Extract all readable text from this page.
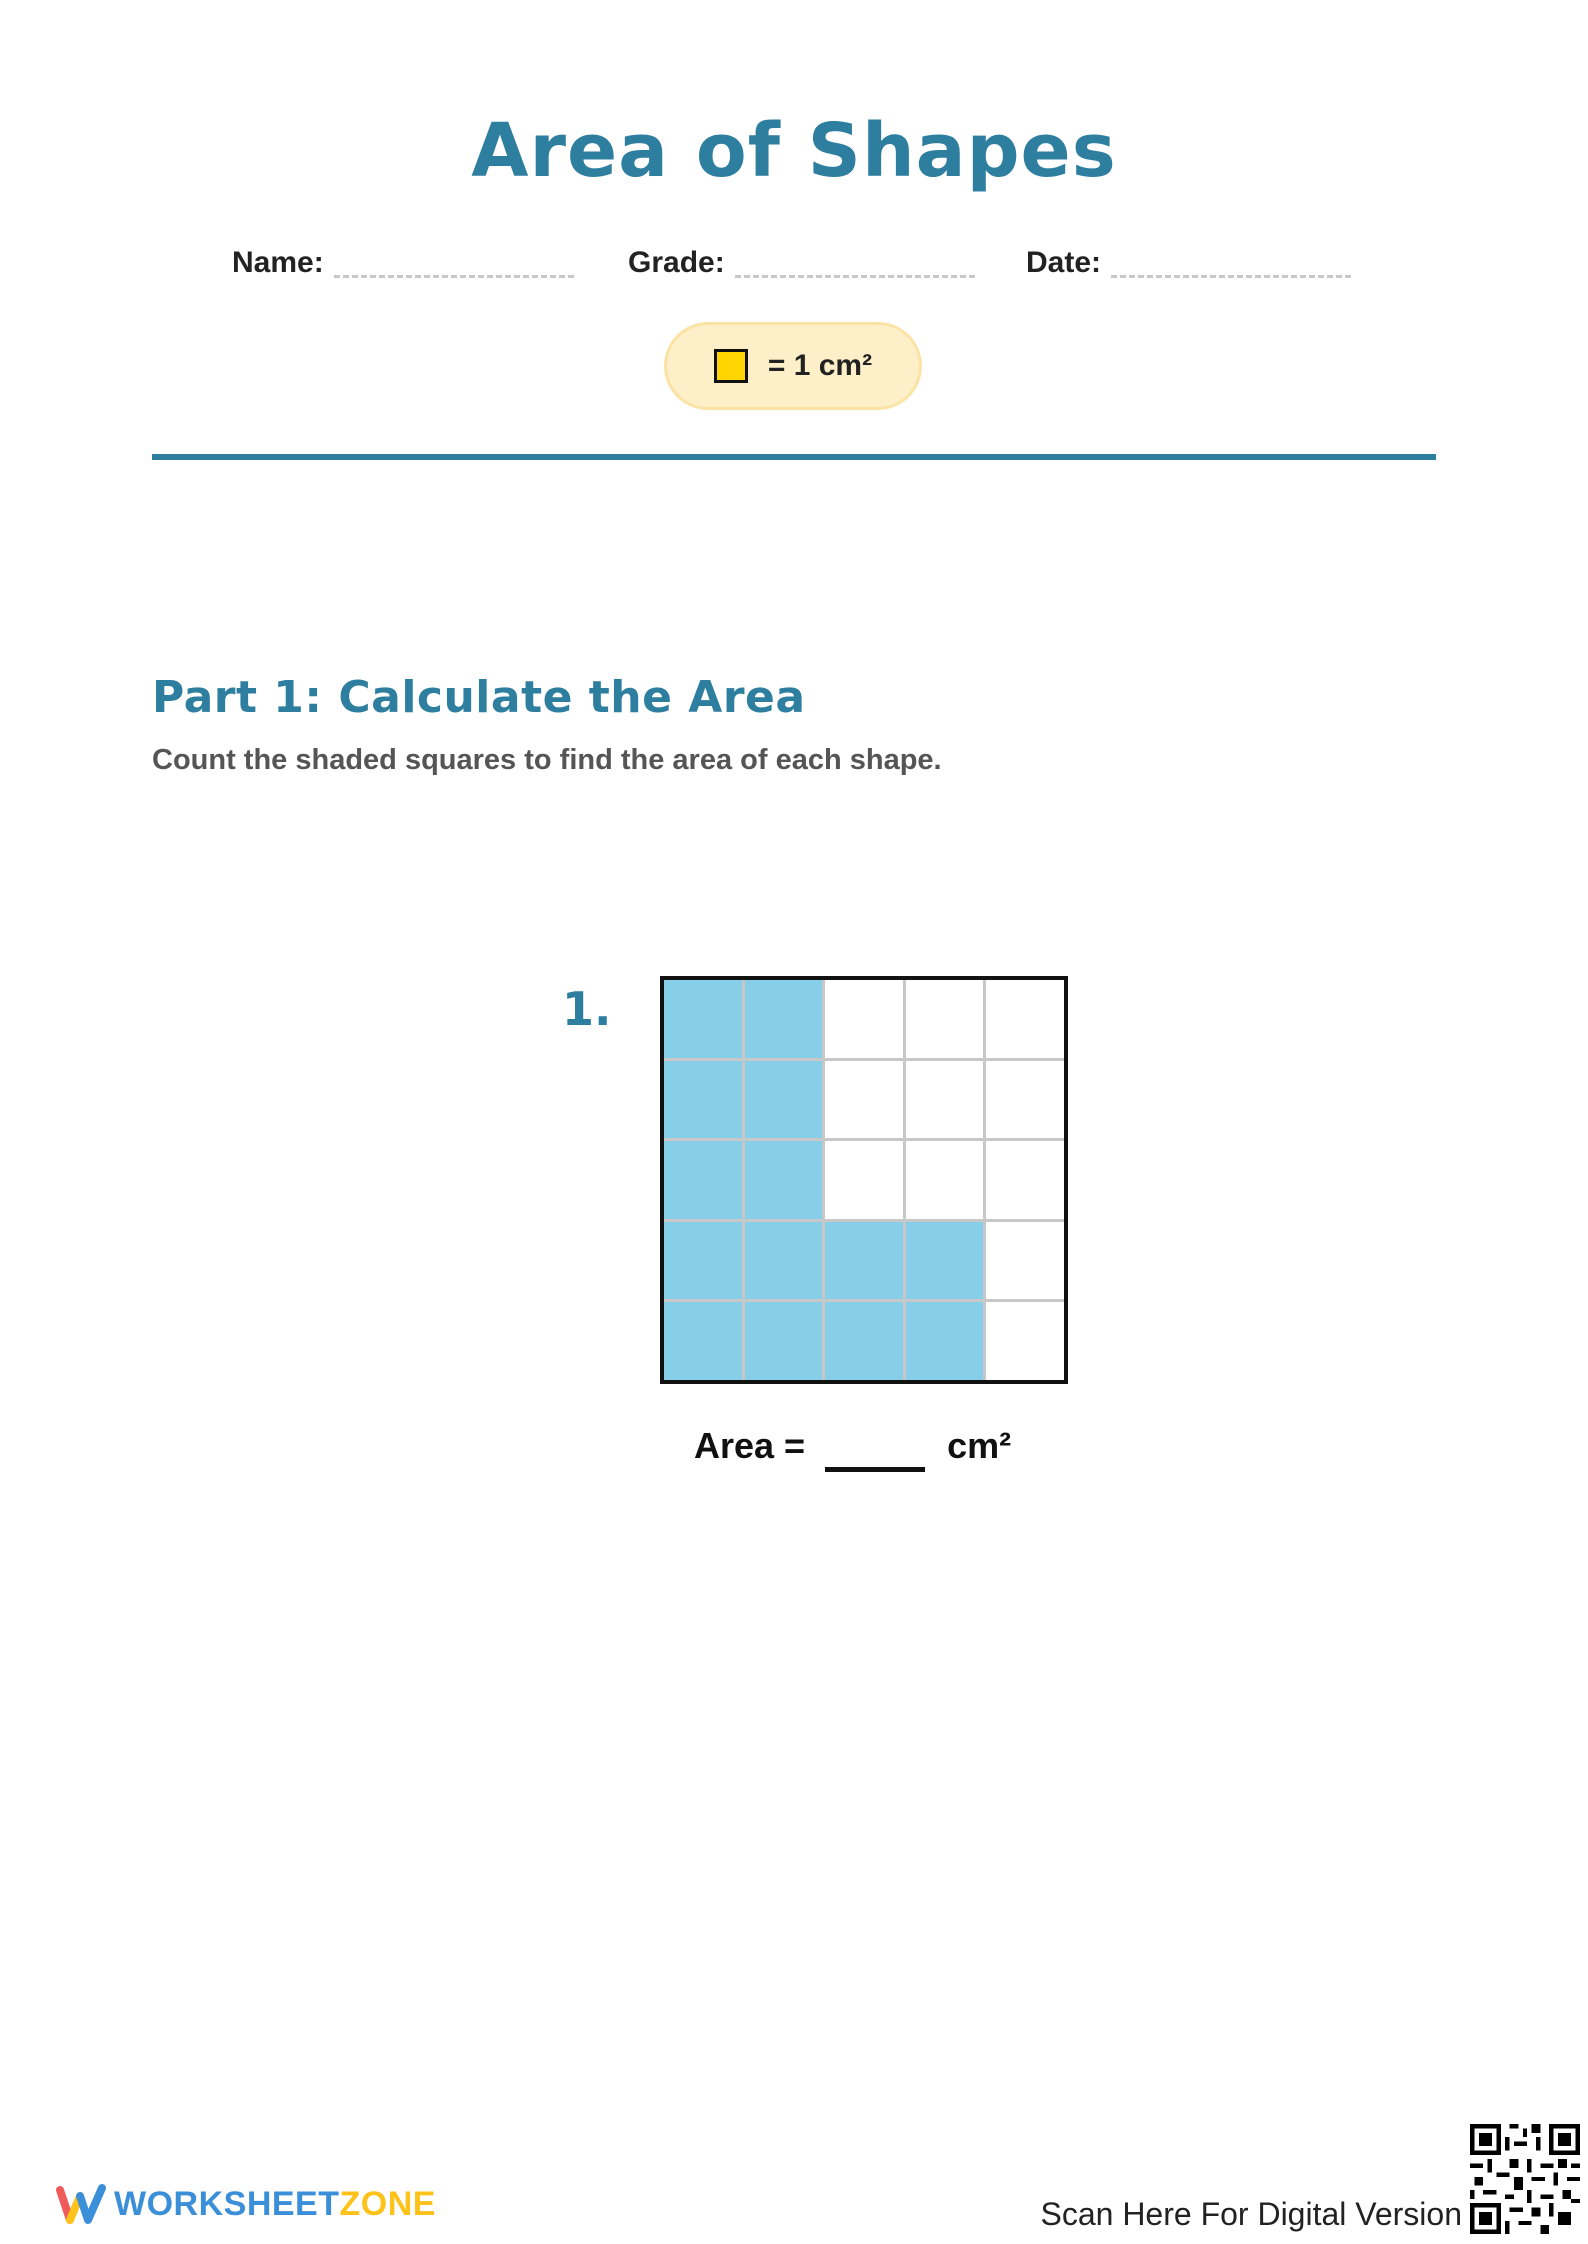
Area of Shapes
Name:	Grade:	Date:
= 1 cm²
Part 1: Calculate the Area
Count the shaded squares to find the area of each shape.
1.
Area =	cm²
WORKSHEETZONE	Scan Here For Digital Version
